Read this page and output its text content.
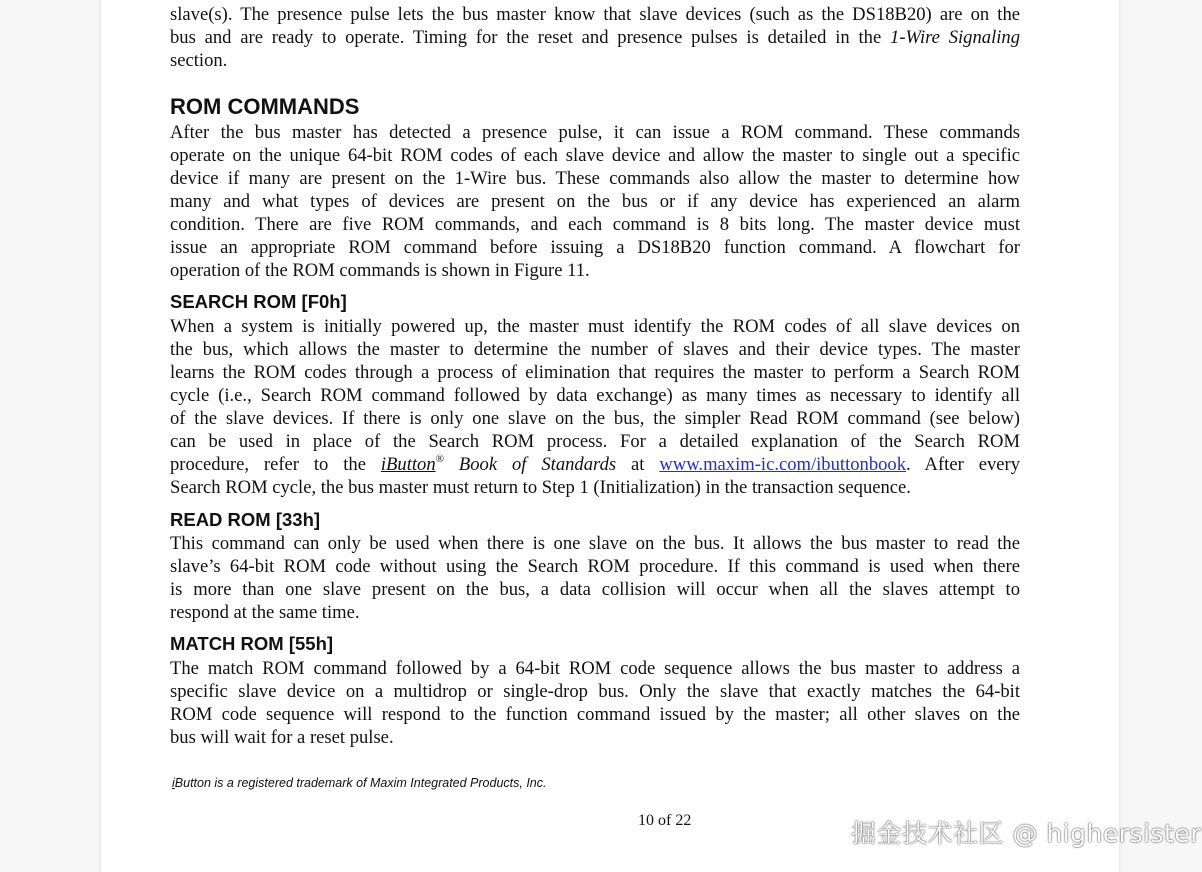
slave(s). The presence pulse lets the bus master know that slave devices (such as the DS18B20) are on the
bus and are ready to operate. Timing for the reset and presence pulses is detailed in the 1-Wire Signaling
section.
ROM COMMANDS
After the bus master has detected a presence pulse, it can issue a ROM command. These commands
operate on the unique 64-bit ROM codes of each slave device and allow the master to single out a specific
device if many are present on the 1-Wire bus. These commands also allow the master to determine how
many and what types of devices are present on the bus or if any device has experienced an alarm
condition. There are five ROM commands, and each command is 8 bits long. The master device must
issue an appropriate ROM command before issuing a DS18B20 function command. A flowchart for
operation of the ROM commands is shown in Figure 11.
SEARCH ROM [F0h]
When a system is initially powered up, the master must identify the ROM codes of all slave devices on
the bus, which allows the master to determine the number of slaves and their device types. The master
learns the ROM codes through a process of elimination that requires the master to perform a Search ROM
cycle (i.e., Search ROM command followed by data exchange) as many times as necessary to identify all
of the slave devices. If there is only one slave on the bus, the simpler Read ROM command (see below)
can be used in place of the Search ROM process. For a detailed explanation of the Search ROM
procedure, refer to the iButton® Book of Standards at www.maxim-ic.com/ibuttonbook. After every
Search ROM cycle, the bus master must return to Step 1 (Initialization) in the transaction sequence.
READ ROM [33h]
This command can only be used when there is one slave on the bus. It allows the bus master to read the
slave’s 64-bit ROM code without using the Search ROM procedure. If this command is used when there
is more than one slave present on the bus, a data collision will occur when all the slaves attempt to
respond at the same time.
MATCH ROM [55h]
The match ROM command followed by a 64-bit ROM code sequence allows the bus master to address a
specific slave device on a multidrop or single-drop bus. Only the slave that exactly matches the 64-bit
ROM code sequence will respond to the function command issued by the master; all other slaves on the
bus will wait for a reset pulse.
iButton is a registered trademark of Maxim Integrated Products, Inc.
10 of 22	掘金技术社区 @ highersister
